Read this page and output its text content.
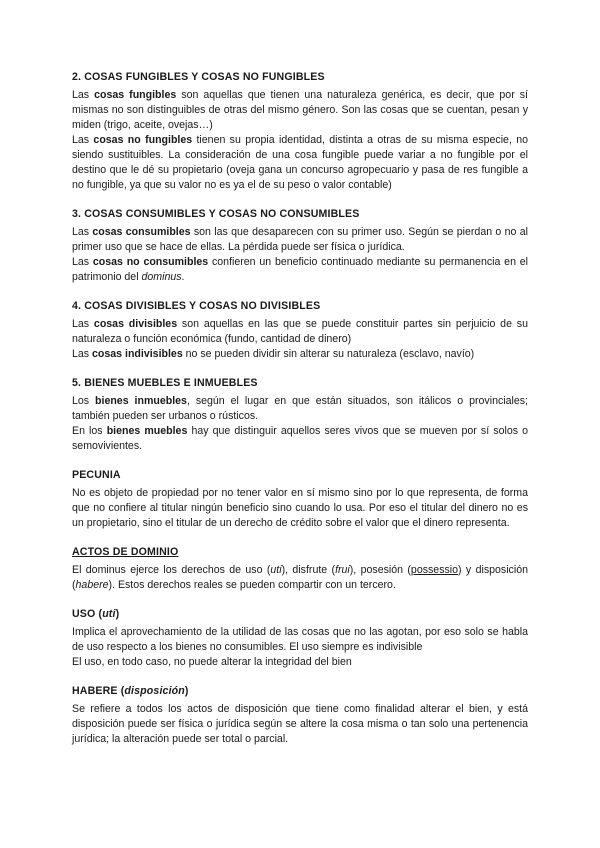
2. COSAS FUNGIBLES Y COSAS NO FUNGIBLES

Las cosas fungibles son aquellas que tienen una naturaleza genérica, es decir, que por sí mismas no son distinguibles de otras del mismo género. Son las cosas que se cuentan, pesan y miden (trigo, aceite, ovejas…)

Las cosas no fungibles tienen su propia identidad, distinta a otras de su misma especie, no siendo sustituibles. La consideración de una cosa fungible puede variar a no fungible por el destino que le dé su propietario (oveja gana un concurso agropecuario y pasa de res fungible a no fungible, ya que su valor no es ya el de su peso o valor contable)

3. COSAS CONSUMIBLES Y COSAS NO CONSUMIBLES

Las cosas consumibles son las que desaparecen con su primer uso. Según se pierdan o no al primer uso que se hace de ellas. La pérdida puede ser física o jurídica.

Las cosas no consumibles confieren un beneficio continuado mediante su permanencia en el patrimonio del dominus.

4. COSAS DIVISIBLES Y COSAS NO DIVISIBLES

Las cosas divisibles son aquellas en las que se puede constituir partes sin perjuicio de su naturaleza o función económica (fundo, cantidad de dinero)

Las cosas indivisibles no se pueden dividir sin alterar su naturaleza (esclavo, navío)

5. BIENES MUEBLES E INMUEBLES

Los bienes inmuebles, según el lugar en que están situados, son itálicos o provinciales; también pueden ser urbanos o rústicos.

En los bienes muebles hay que distinguir aquellos seres vivos que se mueven por sí solos o semovivientes.

PECUNIA

No es objeto de propiedad por no tener valor en sí mismo sino por lo que representa, de forma que no confiere al titular ningún beneficio sino cuando lo usa. Por eso el titular del dinero no es un propietario, sino el titular de un derecho de crédito sobre el valor que el dinero representa.

ACTOS DE DOMINIO

El dominus ejerce los derechos de uso (uti), disfrute (frui), posesión (possessio) y disposición (habere). Estos derechos reales se pueden compartir con un tercero.

USO (uti)

Implica el aprovechamiento de la utilidad de las cosas que no las agotan, por eso solo se habla de uso respecto a los bienes no consumibles. El uso siempre es indivisible

El uso, en todo caso, no puede alterar la integridad del bien

HABERE (disposición)

Se refiere a todos los actos de disposición que tiene como finalidad alterar el bien, y está disposición puede ser física o jurídica según se altere la cosa misma o tan solo una pertenencia jurídica; la alteración puede ser total o parcial.
